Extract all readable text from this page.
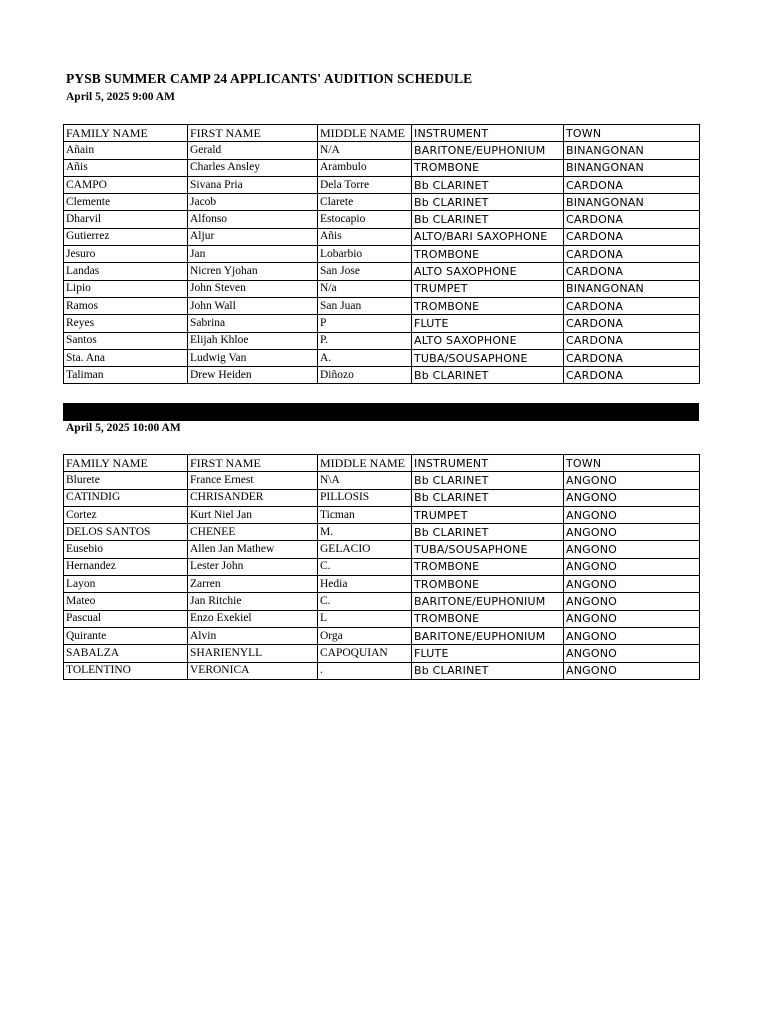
PYSB SUMMER CAMP 24 APPLICANTS' AUDITION SCHEDULE
April 5, 2025 9:00 AM
FAMILY NAME	FIRST NAME	MIDDLE NAME	INSTRUMENT	TOWN
Añain	Gerald	N/A	BARITONE/EUPHONIUM	BINANGONAN
Añis	Charles Ansley	Arambulo	TROMBONE	BINANGONAN
CAMPO	Sivana Pria	Dela Torre	Bb CLARINET	CARDONA
Clemente	Jacob	Clarete	Bb CLARINET	BINANGONAN
Dharvil	Alfonso	Estocapio	Bb CLARINET	CARDONA
Gutierrez	Aljur	Añis	ALTO/BARI SAXOPHONE	CARDONA
Jesuro	Jan	Lobarbio	TROMBONE	CARDONA
Landas	Nicren Yjohan	San Jose	ALTO SAXOPHONE	CARDONA
Lipio	John Steven	N/a	TRUMPET	BINANGONAN
Ramos	John Wall	San Juan	TROMBONE	CARDONA
Reyes	Sabrina	P	FLUTE	CARDONA
Santos	Elijah Khloe	P.	ALTO SAXOPHONE	CARDONA
Sta. Ana	Ludwig Van	A.	TUBA/SOUSAPHONE	CARDONA
Taliman	Drew Heiden	Diñozo	Bb CLARINET	CARDONA
April 5, 2025 10:00 AM
FAMILY NAME	FIRST NAME	MIDDLE NAME	INSTRUMENT	TOWN
Blurete	France Ernest	N\A	Bb CLARINET	ANGONO
CATINDIG	CHRISANDER	PILLOSIS	Bb CLARINET	ANGONO
Cortez	Kurt Niel Jan	Ticman	TRUMPET	ANGONO
DELOS SANTOS	CHENEE	M.	Bb CLARINET	ANGONO
Eusebio	Allen Jan Mathew	GELACIO	TUBA/SOUSAPHONE	ANGONO
Hernandez	Lester John	C.	TROMBONE	ANGONO
Layon	Zarren	Hedia	TROMBONE	ANGONO
Mateo	Jan Ritchie	C.	BARITONE/EUPHONIUM	ANGONO
Pascual	Enzo Exekiel	L	TROMBONE	ANGONO
Quirante	Alvin	Orga	BARITONE/EUPHONIUM	ANGONO
SABALZA	SHARIENYLL	CAPOQUIAN	FLUTE	ANGONO
TOLENTINO	VERONICA	.	Bb CLARINET	ANGONO
